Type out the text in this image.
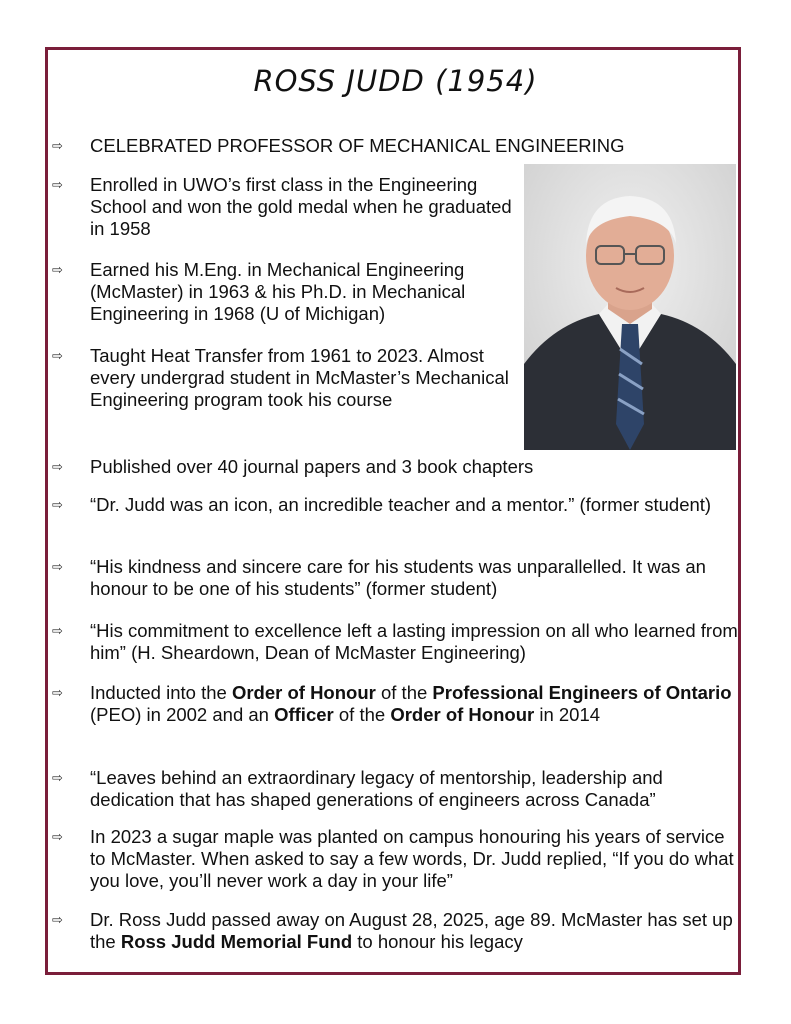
ROSS JUDD (1954)
⇨	CELEBRATED PROFESSOR OF MECHANICAL ENGINEERING
⇨	Enrolled in UWO’s first class in the Engineering School and won the gold medal when he graduated in 1958
⇨	Earned his M.Eng. in Mechanical Engineering (McMaster) in 1963 & his Ph.D. in Mechanical Engineering in 1968 (U of Michigan)
⇨	Taught Heat Transfer from 1961 to 2023. Almost every undergrad student in McMaster’s Mechanical Engineering program took his course
⇨	Published over 40 journal papers and 3 book chapters
⇨	“Dr. Judd was an icon, an incredible teacher and a mentor.” (former student)
⇨	“His kindness and sincere care for his students was unparallelled. It was an honour to be one of his students” (former student)
⇨	“His commitment to excellence left a lasting impression on all who learned from him” (H. Sheardown, Dean of McMaster Engineering)
⇨	Inducted into the Order of Honour of the Professional Engineers of Ontario (PEO) in 2002 and an Officer of the Order of Honour in 2014
⇨	“Leaves behind an extraordinary legacy of mentorship, leadership and dedication that has shaped generations of engineers across Canada”
⇨	In 2023 a sugar maple was planted on campus honouring his years of service to McMaster. When asked to say a few words, Dr. Judd replied, “If you do what you love, you’ll never work a day in your life”
⇨	Dr. Ross Judd passed away on August 28, 2025, age 89. McMaster has set up the Ross Judd Memorial Fund to honour his legacy
